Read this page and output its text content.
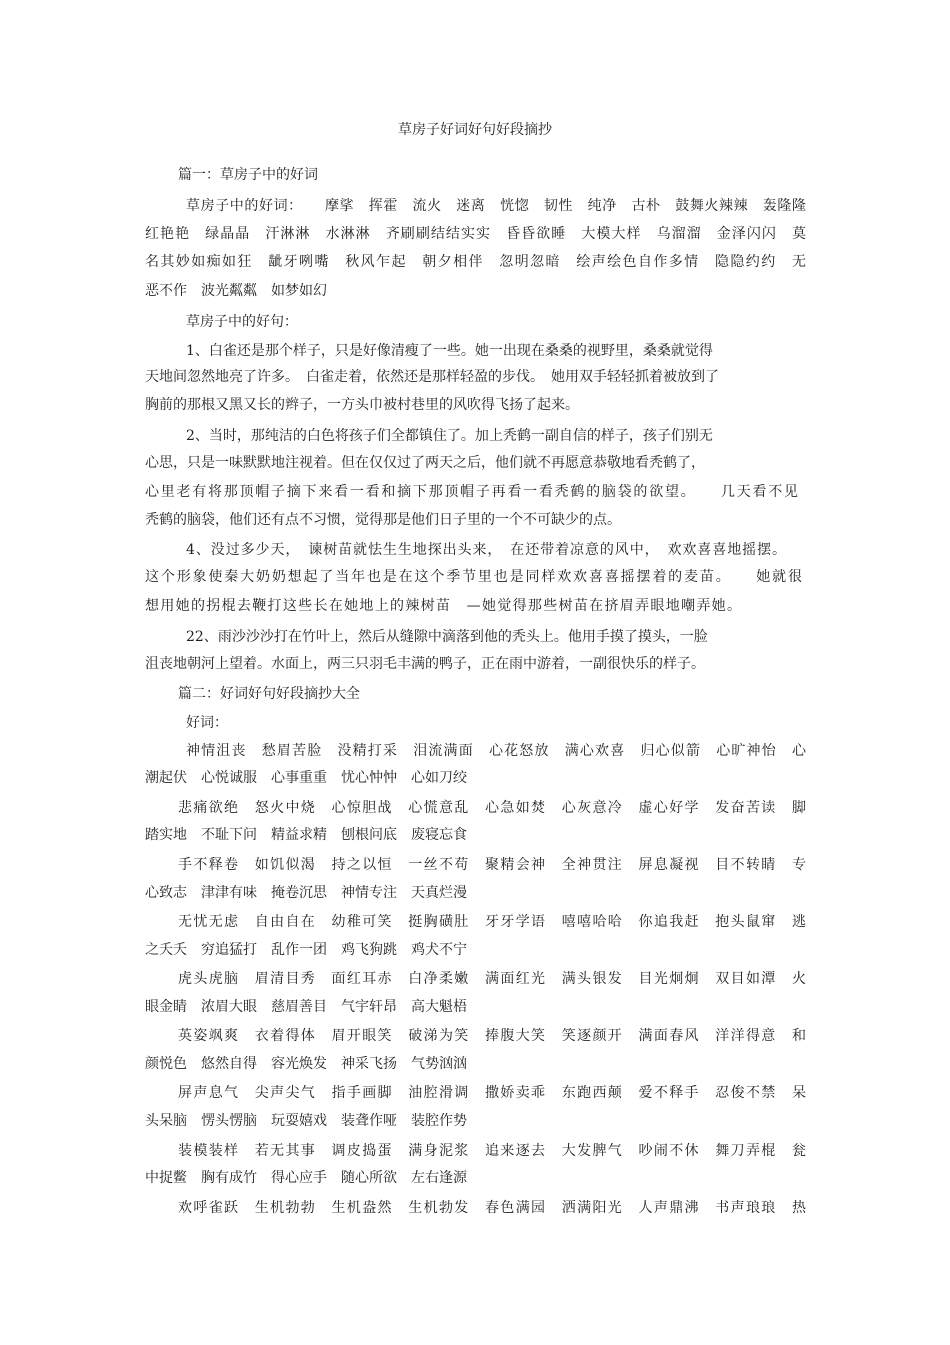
草房子好词好句好段摘抄
篇一：草房子中的好词
草房子中的好词：　　摩挲　挥霍　流火　迷离　恍惚　韧性　纯净　古朴　鼓舞火辣辣　轰隆隆
红艳艳　绿晶晶　汗淋淋　水淋淋　齐刷刷结结实实　昏昏欲睡　大模大样　乌溜溜　金泽闪闪　莫
名其妙如痴如狂　龇牙咧嘴　秋风乍起　朝夕相伴　忽明忽暗　绘声绘色自作多情　隐隐约约　无
恶不作　波光粼粼　如梦如幻
草房子中的好句：
1、白雀还是那个样子，只是好像清瘦了一些。她一出现在桑桑的视野里，桑桑就觉得
天地间忽然地亮了许多。　白雀走着，依然还是那样轻盈的步伐。　她用双手轻轻抓着被放到了
胸前的那根又黑又长的辫子，一方头巾被村巷里的风吹得飞扬了起来。
2、当时，那纯洁的白色将孩子们全都镇住了。加上秃鹤一副自信的样子，孩子们别无
心思，只是一味默默地注视着。但在仅仅过了两天之后，他们就不再愿意恭敬地看秃鹤了，
心里老有将那顶帽子摘下来看一看和摘下那顶帽子再看一看秃鹤的脑袋的欲望。　　几天看不见
秃鹤的脑袋，他们还有点不习惯，觉得那是他们日子里的一个不可缺少的点。
4、没过多少天，　谏树苗就怯生生地探出头来，　在还带着凉意的风中，　欢欢喜喜地摇摆。
这个形象使秦大奶奶想起了当年也是在这个季节里也是同样欢欢喜喜摇摆着的麦苗。　　她就很
想用她的拐棍去鞭打这些长在她地上的辣树苗　—她觉得那些树苗在挤眉弄眼地嘲弄她。
22、雨沙沙沙打在竹叶上，然后从缝隙中滴落到他的秃头上。他用手摸了摸头，一脸
沮丧地朝河上望着。水面上，两三只羽毛丰满的鸭子，正在雨中游着，一副很快乐的样子。
篇二：好词好句好段摘抄大全
好词：
神情沮丧　愁眉苦脸　没精打采　泪流满面　心花怒放　满心欢喜　归心似箭　心旷神怡　心
潮起伏　心悦诚服　心事重重　忧心忡忡　心如刀绞
悲痛欲绝　怒火中烧　心惊胆战　心慌意乱　心急如焚　心灰意冷　虚心好学　发奋苦读　脚
踏实地　不耻下问　精益求精　刨根问底　废寝忘食
手不释卷　如饥似渴　持之以恒　一丝不苟　聚精会神　全神贯注　屏息凝视　目不转睛　专
心致志　津津有味　掩卷沉思　神情专注　天真烂漫
无忧无虑　自由自在　幼稚可笑　挺胸磺肚　牙牙学语　嘻嘻哈哈　你追我赶　抱头鼠窜　逃
之夭夭　穷追猛打　乱作一团　鸡飞狗跳　鸡犬不宁
虎头虎脑　眉清目秀　面红耳赤　白净柔嫩　满面红光　满头银发　目光炯炯　双目如潭　火
眼金睛　浓眉大眼　慈眉善目　气宇轩昂　高大魁梧
英姿飒爽　衣着得体　眉开眼笑　破涕为笑　捧腹大笑　笑逐颜开　满面春风　洋洋得意　和
颜悦色　悠然自得　容光焕发　神采飞扬　气势汹汹
屏声息气　尖声尖气　指手画脚　油腔滑调　撒娇卖乖　东跑西颠　爱不释手　忍俊不禁　呆
头呆脑　愣头愣脑　玩耍嬉戏　装聋作哑　装腔作势
装模装样　若无其事　调皮捣蛋　满身泥浆　追来逐去　大发脾气　吵闹不休　舞刀弄棍　瓮
中捉鳖　胸有成竹　得心应手　随心所欲　左右逢源
欢呼雀跃　生机勃勃　生机盎然　生机勃发　春色满园　洒满阳光　人声鼎沸　书声琅琅　热
